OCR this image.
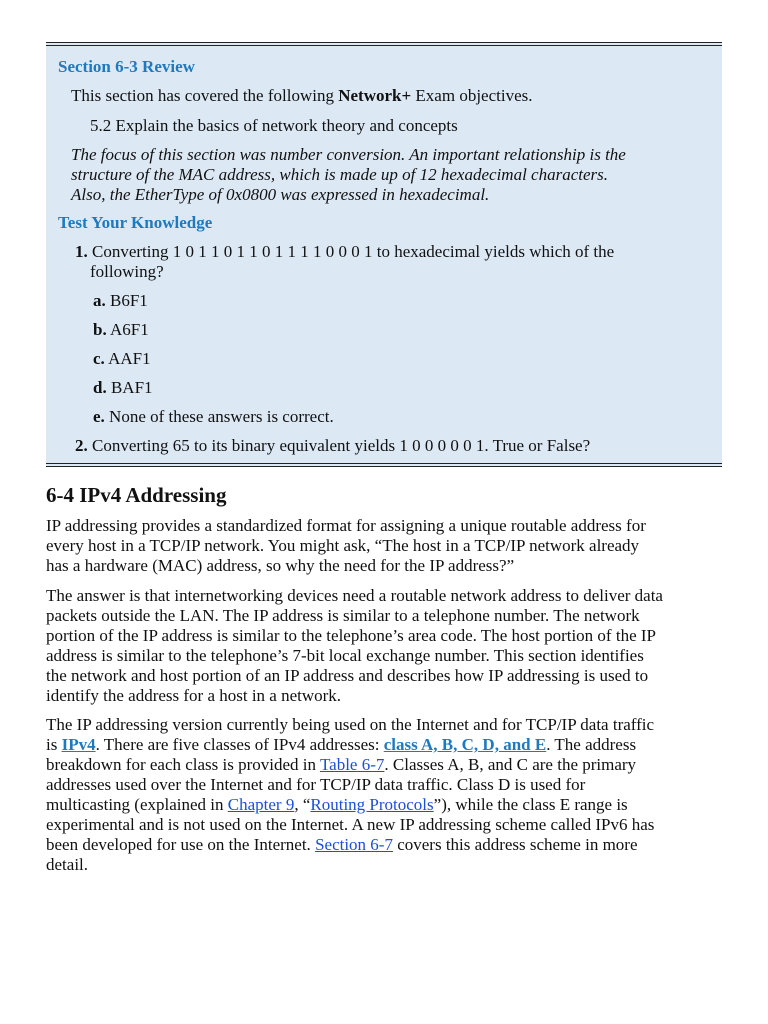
Section 6-3 Review
This section has covered the following Network+ Exam objectives.
5.2 Explain the basics of network theory and concepts
The focus of this section was number conversion. An important relationship is the
structure of the MAC address, which is made up of 12 hexadecimal characters.
Also, the EtherType of 0x0800 was expressed in hexadecimal.
Test Your Knowledge
1. Converting 1 0 1 1 0 1 1 0 1 1 1 1 0 0 0 1 to hexadecimal yields which of the
following?
a. B6F1
b. A6F1
c. AAF1
d. BAF1
e. None of these answers is correct.
2. Converting 65 to its binary equivalent yields 1 0 0 0 0 0 1. True or False?
6-4 IPv4 Addressing
IP addressing provides a standardized format for assigning a unique routable address for
every host in a TCP/IP network. You might ask, “The host in a TCP/IP network already
has a hardware (MAC) address, so why the need for the IP address?”
The answer is that internetworking devices need a routable network address to deliver data
packets outside the LAN. The IP address is similar to a telephone number. The network
portion of the IP address is similar to the telephone’s area code. The host portion of the IP
address is similar to the telephone’s 7-bit local exchange number. This section identifies
the network and host portion of an IP address and describes how IP addressing is used to
identify the address for a host in a network.
The IP addressing version currently being used on the Internet and for TCP/IP data traffic
is IPv4. There are five classes of IPv4 addresses: class A, B, C, D, and E. The address
breakdown for each class is provided in Table 6-7. Classes A, B, and C are the primary
addresses used over the Internet and for TCP/IP data traffic. Class D is used for
multicasting (explained in Chapter 9, “Routing Protocols”), while the class E range is
experimental and is not used on the Internet. A new IP addressing scheme called IPv6 has
been developed for use on the Internet. Section 6-7 covers this address scheme in more
detail.
